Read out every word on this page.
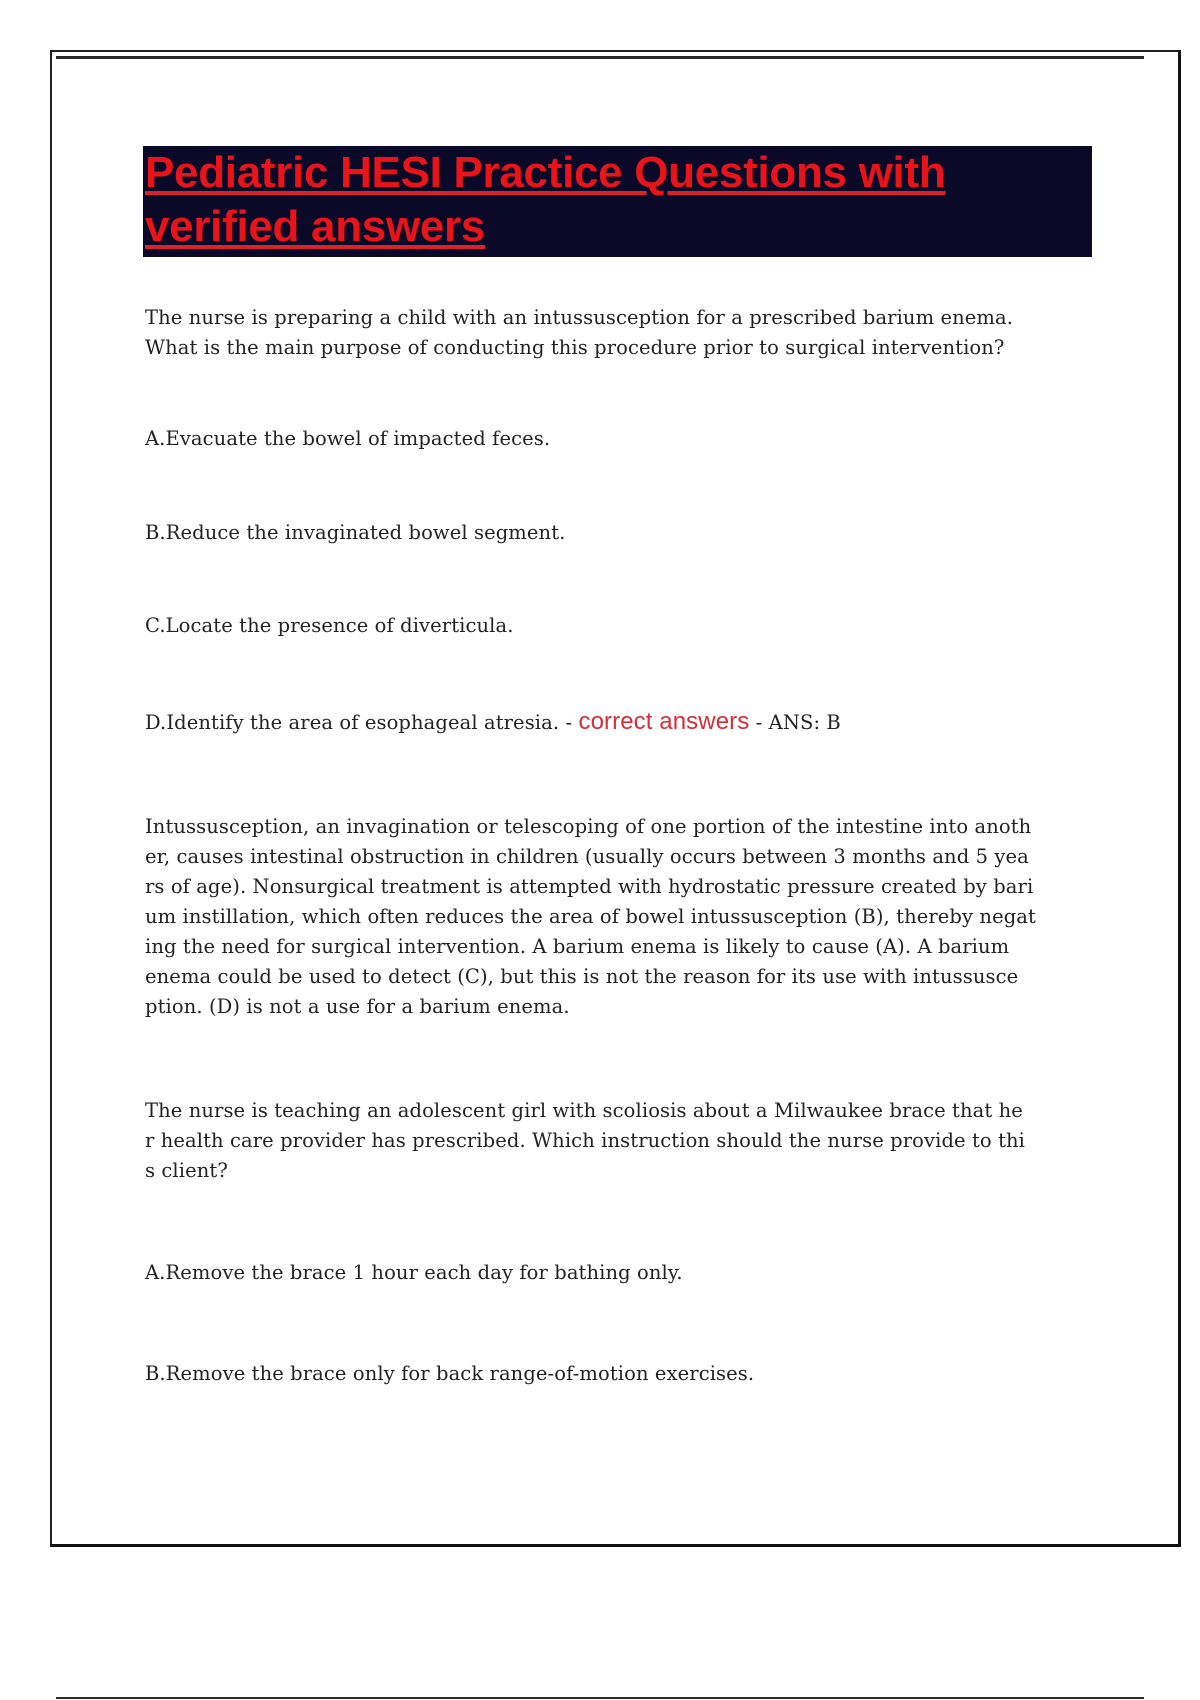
Pediatric HESI Practice Questions with
verified answers
The nurse is preparing a child with an intussusception for a prescribed barium enema.
What is the main purpose of conducting this procedure prior to surgical intervention?
A.Evacuate the bowel of impacted feces.
B.Reduce the invaginated bowel segment.
C.Locate the presence of diverticula.
D.Identify the area of esophageal atresia. - correct answers - ANS: B
Intussusception, an invagination or telescoping of one portion of the intestine into anoth
er, causes intestinal obstruction in children (usually occurs between 3 months and 5 yea
rs of age). Nonsurgical treatment is attempted with hydrostatic pressure created by bari
um instillation, which often reduces the area of bowel intussusception (B), thereby negat
ing the need for surgical intervention. A barium enema is likely to cause (A). A barium
enema could be used to detect (C), but this is not the reason for its use with intussusce
ption. (D) is not a use for a barium enema.
The nurse is teaching an adolescent girl with scoliosis about a Milwaukee brace that he
r health care provider has prescribed. Which instruction should the nurse provide to thi
s client?
A.Remove the brace 1 hour each day for bathing only.
B.Remove the brace only for back range-of-motion exercises.
